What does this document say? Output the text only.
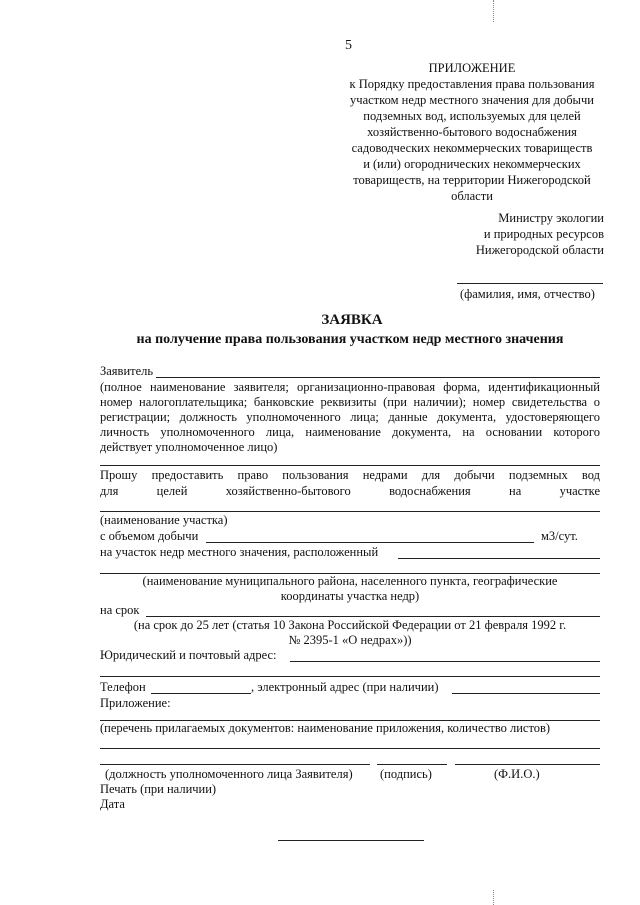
5
ПРИЛОЖЕНИЕ
к Порядку предоставления права пользования
участком недр местного значения для добычи
подземных вод, используемых для целей
хозяйственно-бытового водоснабжения
садоводческих некоммерческих товариществ
и (или) огороднических некоммерческих
товариществ, на территории Нижегородской
области
Министру экологии
и природных ресурсов
Нижегородской области
(фамилия, имя, отчество)
ЗАЯВКА
на получение права пользования участком недр местного значения
Заявитель
(полное наименование заявителя; организационно-правовая форма, идентификационный
номер налогоплательщика; банковские реквизиты (при наличии); номер свидетельства о
регистрации; должность уполномоченного лица; данные документа, удостоверяющего
личность уполномоченного лица, наименование документа, на основании которого
действует уполномоченное лицо)
Прошу предоставить право пользования недрами для добычи подземных вод
для целей хозяйственно-бытового водоснабжения на участке
(наименование участка)
с объемом добычи	м3/сут.
на участок недр местного значения, расположенный
(наименование муниципального района, населенного пункта, географические
координаты участка недр)
на срок
(на срок до 25 лет (статья 10 Закона Российской Федерации от 21 февраля 1992 г.
№ 2395-1 «О недрах»))
Юридический и почтовый адрес:
Телефон	, электронный адрес (при наличии)
Приложение:
(перечень прилагаемых документов: наименование приложения, количество листов)
(должность уполномоченного лица Заявителя) (подпись)	(Ф.И.О.)
Печать (при наличии)
Дата
